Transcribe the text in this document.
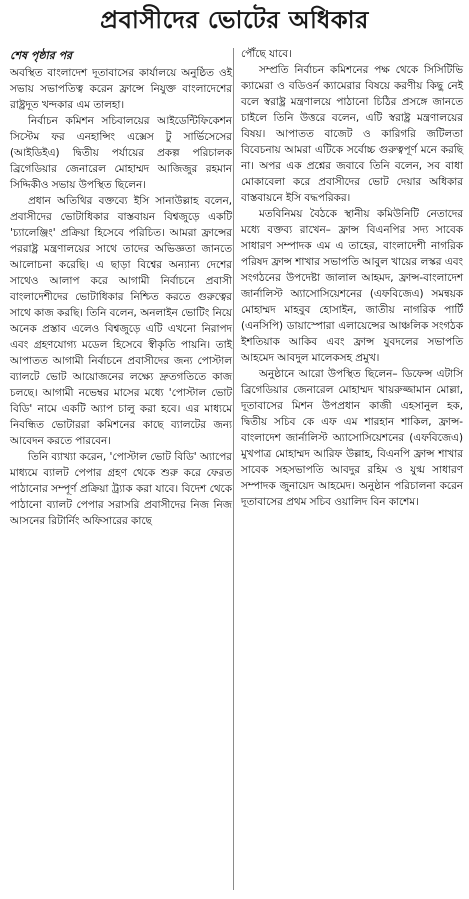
প্রবাসীদের ভোটের অধিকার
শেষ পৃষ্ঠার পর

অবস্থিত বাংলাদেশ দূতাবাসের কার্যালয়ে অনুষ্ঠিত ওই সভায় সভাপতিত্ব করেন ফ্রান্সে নিযুক্ত বাংলাদেশের রাষ্ট্রদূত খন্দকার এম তালহা।

নির্বাচন কমিশন সচিবালয়ের আইডেন্টিফিকেশন সিস্টেম ফর এনহান্সিং এক্সেস টু সার্ভিসেসের (আইডিইএ) দ্বিতীয় পর্যায়ের প্রকল্প পরিচালক ব্রিগেডিয়ার জেনারেল মোহাম্মদ আজিজুর রহমান সিদ্দিকীও সভায় উপস্থিত ছিলেন।

প্রধান অতিথির বক্তব্যে ইসি সানাউল্লাহ বলেন, প্রবাসীদের ভোটাধিকার বাস্তবায়ন বিশ্বজুড়ে একটি 'চ্যালেঞ্জিং' প্রক্রিয়া হিসেবে পরিচিত। আমরা ফ্রান্সের পররাষ্ট্র মন্ত্রণালয়ের সাথে তাদের অভিজ্ঞতা জানতে আলোচনা করেছি। এ ছাড়া বিশ্বের অন্যান্য দেশের সাথেও আলাপ করে আগামী নির্বাচনে প্রবাসী বাংলাদেশীদের ভোটাধিকার নিশ্চিত করতে গুরুত্বের সাথে কাজ করছি। তিনি বলেন, অনলাইন ভোটিং নিয়ে অনেক প্রস্তাব এলেও বিশ্বজুড়ে এটি এখনো নিরাপদ এবং গ্রহণযোগ্য মডেল হিসেবে স্বীকৃতি পায়নি। তাই আপাতত আগামী নির্বাচনে প্রবাসীদের জন্য পোস্টাল ব্যালটে ভোট আয়োজনের লক্ষ্যে দ্রুতগতিতে কাজ চলছে। আগামী নভেম্বর মাসের মধ্যে 'পোস্টাল ভোট বিডি' নামে একটি অ্যাপ চালু করা হবে। এর মাধ্যমে নিবন্ধিত ভোটাররা কমিশনের কাছে ব্যালটের জন্য আবেদন করতে পারবেন।

তিনি ব্যাখ্যা করেন, 'পোস্টাল ভোট বিডি' অ্যাপের মাধ্যমে ব্যালট পেপার গ্রহণ থেকে শুরু করে ফেরত পাঠানোর সম্পূর্ণ প্রক্রিয়া ট্র্যাক করা যাবে। বিদেশ থেকে পাঠানো ব্যালট পেপার সরাসরি প্রবাসীদের নিজ নিজ আসনের রিটার্নিং অফিসারের কাছে

পৌঁছে যাবে।

সম্প্রতি নির্বাচন কমিশনের পক্ষ থেকে সিসিটিভি ক্যামেরা ও বডিওর্ন ক্যামেরার বিষয়ে করণীয় কিছু নেই বলে স্বরাষ্ট্র মন্ত্রণালয়ে পাঠানো চিঠির প্রসঙ্গে জানতে চাইলে তিনি উত্তরে বলেন, এটি স্বরাষ্ট্র মন্ত্রণালয়ের বিষয়। আপাতত বাজেট ও কারিগরি জটিলতা বিবেচনায় আমরা এটিকে সর্বোচ্চ গুরুত্বপূর্ণ মনে করছি না। অপর এক প্রশ্নের জবাবে তিনি বলেন, সব বাধা মোকাবেলা করে প্রবাসীদের ভোট দেয়ার অধিকার বাস্তবায়নে ইসি বদ্ধপরিকর।

মতবিনিময় বৈঠকে স্থানীয় কমিউনিটি নেতাদের মধ্যে বক্তব্য রাখেন– ফ্রান্স বিএনপির সদ্য সাবেক সাধারণ সম্পাদক এম এ তাহের, বাংলাদেশী নাগরিক পরিষদ ফ্রান্স শাখার সভাপতি আবুল খায়ের লস্কর এবং সংগঠনের উপদেষ্টা জালাল আহমদ, ফ্রান্স-বাংলাদেশ জার্নালিস্ট অ্যাসোসিয়েশনের (এফবিজেএ) সমন্বয়ক মোহাম্মদ মাহবুব হোসাইন, জাতীয় নাগরিক পার্টি (এনসিপি) ডায়াস্পোরা এলায়েন্সের আঞ্চলিক সংগঠক ইশতিয়াক আকিব এবং ফ্রান্স যুবদলের সভাপতি আহমেদ আবদুল মালেকসহ প্রমুখ।

অনুষ্ঠানে আরো উপস্থিত ছিলেন– ডিফেন্স এটাসি ব্রিগেডিয়ার জেনারেল মোহাম্মদ খায়রুজ্জামান মোল্লা, দূতাবাসের মিশন উপপ্রধান কাজী এহসানুল হক, দ্বিতীয় সচিব কে এফ এম শারহান শাকিল, ফ্রান্স-বাংলাদেশ জার্নালিস্ট অ্যাসোসিয়েশনের (এফবিজেএ) মুখপাত্র মোহাম্মদ আরিফ উল্লাহ, বিএনপি ফ্রান্স শাখার সাবেক সহসভাপতি আবদুর রহিম ও যুগ্ম সাধারণ সম্পাদক জুনায়েদ আহমেদ। অনুষ্ঠান পরিচালনা করেন দূতাবাসের প্রথম সচিব ওয়ালিদ বিন কাশেম।
